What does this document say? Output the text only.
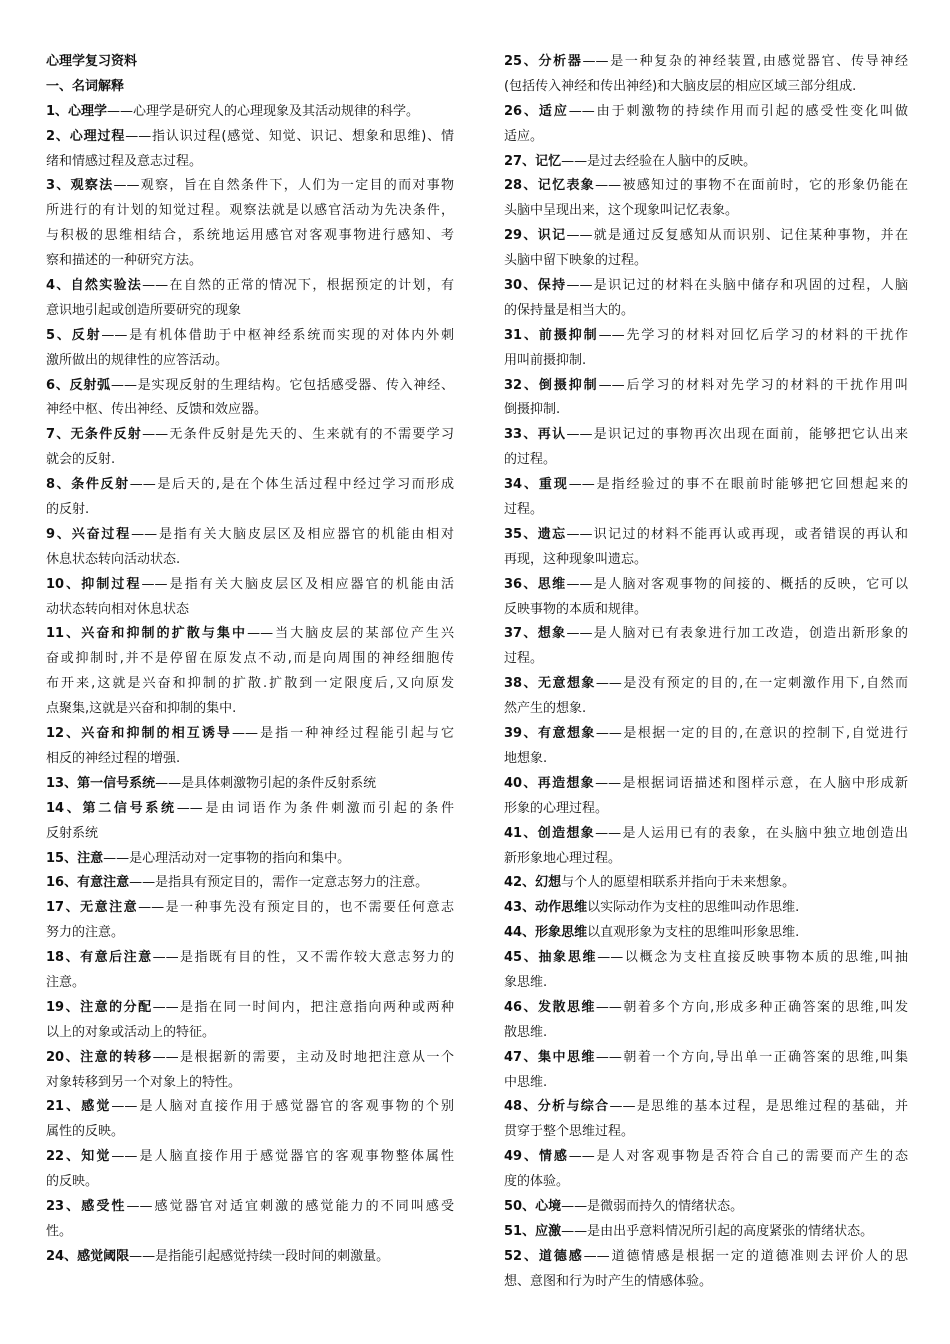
心理学复习资料
一、名词解释
1、心理学——心理学是研究人的心理现象及其活动规律的科学。
2、心理过程——指认识过程(感觉、知觉、识记、想象和思维)、情
绪和情感过程及意志过程。
3、观察法——观察，旨在自然条件下，人们为一定目的而对事物
所进行的有计划的知觉过程。观察法就是以感官活动为先决条件，
与积极的思维相结合，系统地运用感官对客观事物进行感知、考
察和描述的一种研究方法。
4、自然实验法——在自然的正常的情况下，根据预定的计划，有
意识地引起或创造所要研究的现象
5、反射——是有机体借助于中枢神经系统而实现的对体内外刺
激所做出的规律性的应答活动。
6、反射弧——是实现反射的生理结构。它包括感受器、传入神经、
神经中枢、传出神经、反馈和效应器。
7、无条件反射——无条件反射是先天的、生来就有的不需要学习
就会的反射.
8、条件反射——是后天的,是在个体生活过程中经过学习而形成
的反射.
9、兴奋过程——是指有关大脑皮层区及相应器官的机能由相对
休息状态转向活动状态.
10、抑制过程——是指有关大脑皮层区及相应器官的机能由活
动状态转向相对休息状态
11、兴奋和抑制的扩散与集中——当大脑皮层的某部位产生兴
奋或抑制时,并不是停留在原发点不动,而是向周围的神经细胞传
布开来,这就是兴奋和抑制的扩散.扩散到一定限度后,又向原发
点聚集,这就是兴奋和抑制的集中.
12、兴奋和抑制的相互诱导——是指一种神经过程能引起与它
相反的神经过程的增强.
13、第一信号系统——是具体刺激物引起的条件反射系统
14、第二信号系统——是由词语作为条件刺激而引起的条件
反射系统
15、注意——是心理活动对一定事物的指向和集中。
16、有意注意——是指具有预定目的，需作一定意志努力的注意。
17、无意注意——是一种事先没有预定目的，也不需要任何意志
努力的注意。
18、有意后注意——是指既有目的性，又不需作较大意志努力的
注意。
19、注意的分配——是指在同一时间内，把注意指向两种或两种
以上的对象或活动上的特征。
20、注意的转移——是根据新的需要，主动及时地把注意从一个
对象转移到另一个对象上的特性。
21、感觉——是人脑对直接作用于感觉器官的客观事物的个别
属性的反映。
22、知觉——是人脑直接作用于感觉器官的客观事物整体属性
的反映。
23、感受性——感觉器官对适宜刺激的感觉能力的不同叫感受
性。
24、感觉阈限——是指能引起感觉持续一段时间的刺激量。
25、分析器——是一种复杂的神经装置,由感觉器官、传导神经
(包括传入神经和传出神经)和大脑皮层的相应区域三部分组成.
26、适应——由于刺激物的持续作用而引起的感受性变化叫做
适应。
27、记忆——是过去经验在人脑中的反映。
28、记忆表象——被感知过的事物不在面前时，它的形象仍能在
头脑中呈现出来，这个现象叫记忆表象。
29、识记——就是通过反复感知从而识别、记住某种事物，并在
头脑中留下映象的过程。
30、保持——是识记过的材料在头脑中储存和巩固的过程，人脑
的保持量是相当大的。
31、前摄抑制——先学习的材料对回忆后学习的材料的干扰作
用叫前摄抑制.
32、倒摄抑制——后学习的材料对先学习的材料的干扰作用叫
倒摄抑制.
33、再认——是识记过的事物再次出现在面前，能够把它认出来
的过程。
34、重现——是指经验过的事不在眼前时能够把它回想起来的
过程。
35、遗忘——识记过的材料不能再认或再现，或者错误的再认和
再现，这种现象叫遗忘。
36、思维——是人脑对客观事物的间接的、概括的反映，它可以
反映事物的本质和规律。
37、想象——是人脑对已有表象进行加工改造，创造出新形象的
过程。
38、无意想象——是没有预定的目的,在一定刺激作用下,自然而
然产生的想象.
39、有意想象——是根据一定的目的,在意识的控制下,自觉进行
地想象.
40、再造想象——是根据词语描述和图样示意，在人脑中形成新
形象的心理过程。
41、创造想象——是人运用已有的表象，在头脑中独立地创造出
新形象地心理过程。
42、幻想与个人的愿望相联系并指向于未来想象。
43、动作思维以实际动作为支柱的思维叫动作思维.
44、形象思维以直观形象为支柱的思维叫形象思维.
45、抽象思维——以概念为支柱直接反映事物本质的思维,叫抽
象思维.
46、发散思维——朝着多个方向,形成多种正确答案的思维,叫发
散思维.
47、集中思维——朝着一个方向,导出单一正确答案的思维,叫集
中思维.
48、分析与综合——是思维的基本过程，是思维过程的基础，并
贯穿于整个思维过程。
49、情感——是人对客观事物是否符合自己的需要而产生的态
度的体验。
50、心境——是微弱而持久的情绪状态。
51、应激——是由出乎意料情况所引起的高度紧张的情绪状态。
52、道德感——道德情感是根据一定的道德准则去评价人的思
想、意图和行为时产生的情感体验。
